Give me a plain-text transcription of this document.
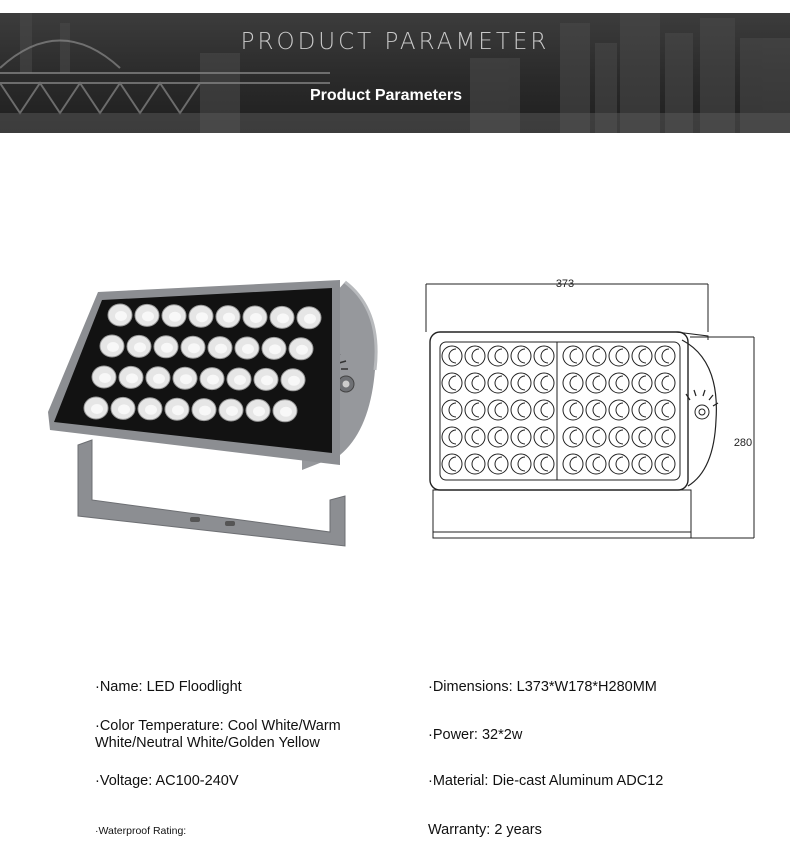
PRODUCT PARAMETER
Product Parameters
373
280
·Name: LED Floodlight
·Color Temperature: Cool White/Warm White/Neutral White/Golden Yellow
·Voltage: AC100-240V
·Waterproof Rating:
·Dimensions: L373*W178*H280MM
·Power: 32*2w
·Material: Die-cast Aluminum ADC12
Warranty: 2 years
